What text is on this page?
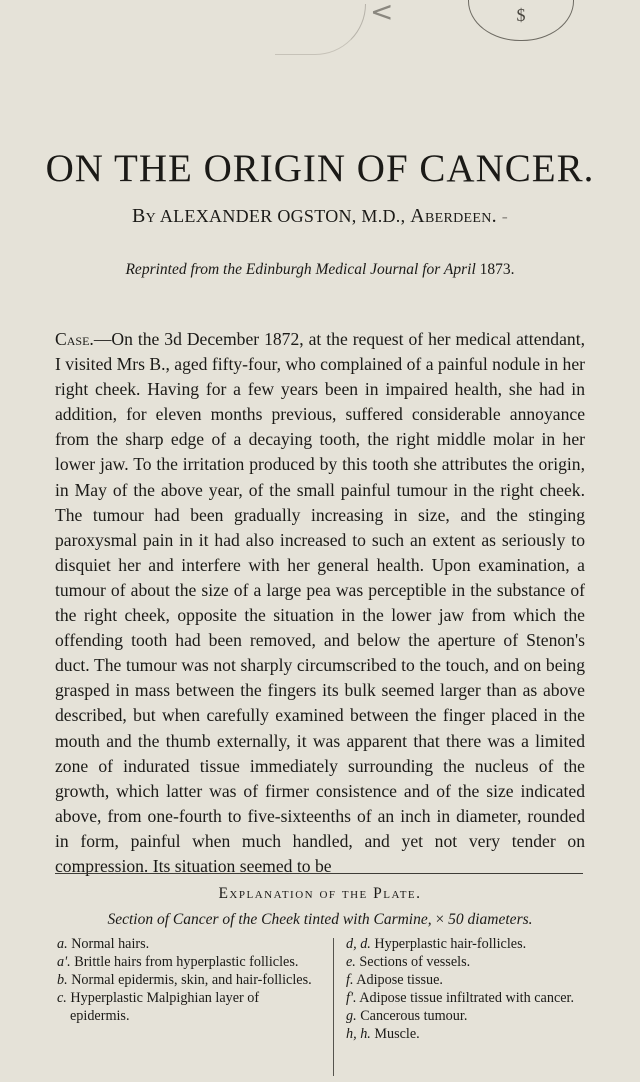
<	$
ON THE ORIGIN OF CANCER.
By ALEXANDER OGSTON, M.D., Aberdeen. -
Reprinted from the Edinburgh Medical Journal for April 1873.

Case.—On the 3d December 1872, at the request of her medical attendant, I visited Mrs B., aged fifty-four, who complained of a painful nodule in her right cheek. Having for a few years been in impaired health, she had in addition, for eleven months previous, suffered considerable annoyance from the sharp edge of a decaying tooth, the right middle molar in her lower jaw. To the irritation produced by this tooth she attributes the origin, in May of the above year, of the small painful tumour in the right cheek. The tumour had been gradually increasing in size, and the stinging paroxysmal pain in it had also increased to such an extent as seriously to disquiet her and interfere with her general health. Upon examination, a tumour of about the size of a large pea was perceptible in the substance of the right cheek, opposite the situation in the lower jaw from which the offending tooth had been removed, and below the aperture of Stenon's duct. The tumour was not sharply circumscribed to the touch, and on being grasped in mass between the fingers its bulk seemed larger than as above described, but when carefully examined between the finger placed in the mouth and the thumb externally, it was apparent that there was a limited zone of indurated tissue immediately surrounding the nucleus of the growth, which latter was of firmer consistence and of the size indicated above, from one-fourth to five-sixteenths of an inch in diameter, rounded in form, painful when much handled, and yet not very tender on compression. Its situation seemed to be

Explanation of the Plate.
Section of Cancer of the Cheek tinted with Carmine, × 50 diameters.
a. Normal hairs.
a'. Brittle hairs from hyperplastic follicles.
b. Normal epidermis, skin, and hair-follicles.
c. Hyperplastic Malpighian layer of epidermis.
d, d. Hyperplastic hair-follicles.
e. Sections of vessels.
f. Adipose tissue.
f'. Adipose tissue infiltrated with cancer.
g. Cancerous tumour.
h, h. Muscle.
